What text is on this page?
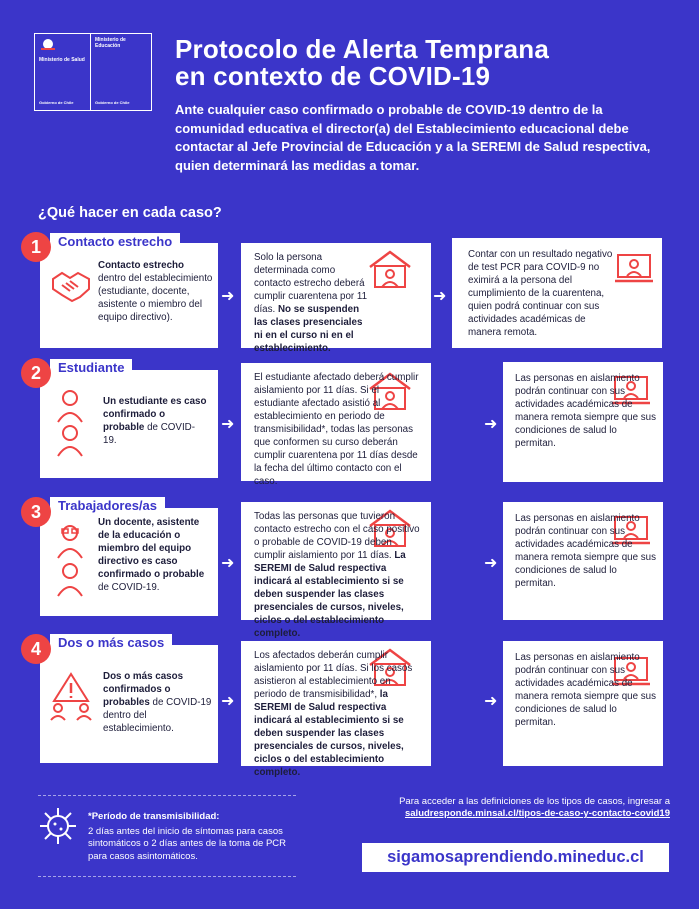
Ministerio de Salud
Gobierno de Chile
Ministerio de Educación
Gobierno de Chile
Protocolo de Alerta Temprana
en contexto de COVID-19
Ante cualquier caso confirmado o probable de COVID-19 dentro de la comunidad educativa el director(a) del Establecimiento educacional debe contactar al Jefe Provincial de Educación y a la SEREMI de Salud respectiva, quien determinará las medidas a tomar.
¿Qué hacer en cada caso?
1	Contacto estrecho
Contacto estrecho dentro del establecimiento (estudiante, docente, asistente o miembro del equipo directivo).
➜
Solo la persona determinada como contacto estrecho deberá cumplir cuarentena por 11 días. No se suspenden las clases presenciales ni en el curso ni en el establecimiento.
➜
Contar con un resultado negativo de test PCR para COVID-9 no eximirá a la persona del cumplimiento de la cuarentena, quien podrá continuar con sus actividades académicas de manera remota.
2	Estudiante
Un estudiante es caso confirmado o probable de COVID-19.
➜
El estudiante afectado deberá cumplir aislamiento por 11 días. Si el estudiante afectado asistió al establecimiento en periodo de transmisibilidad*, todas las personas que conformen su curso deberán cumplir cuarentena por 11 días desde la fecha del último contacto con el caso.
➜
Las personas en aislamiento podrán continuar con sus actividades académicas de manera remota siempre que sus condiciones de salud lo permitan.
3	Trabajadores/as
Un docente, asistente de la educación o miembro del equipo directivo es caso confirmado o probable de COVID-19.
➜
Todas las personas que tuvieron contacto estrecho con el caso positivo o probable de COVID-19 deben cumplir aislamiento por 11 días. La SEREMI de Salud respectiva indicará al establecimiento si se deben suspender las clases presenciales de cursos, niveles, ciclos o del establecimiento completo.
➜
Las personas en aislamiento podrán continuar con sus actividades académicas de manera remota siempre que sus condiciones de salud lo permitan.
4	Dos o más casos
Dos o más casos confirmados o probables de COVID-19 dentro del establecimiento.
➜
Los afectados deberán cumplir aislamiento por 11 días. Si los casos asistieron al establecimiento en periodo de transmisibilidad*, la SEREMI de Salud respectiva indicará al establecimiento si se deben suspender las clases presenciales de cursos, niveles, ciclos o del establecimiento completo.
➜
Las personas en aislamiento podrán continuar con sus actividades académicas de manera remota siempre que sus condiciones de salud lo permitan.
*Período de transmisibilidad:
2 días antes del inicio de síntomas para casos sintomáticos o 2 días antes de la toma de PCR para casos asintomáticos.
Para acceder a las definiciones de los tipos de casos, ingresar a
saludresponde.minsal.cl/tipos-de-caso-y-contacto-covid19
sigamosaprendiendo.mineduc.cl
